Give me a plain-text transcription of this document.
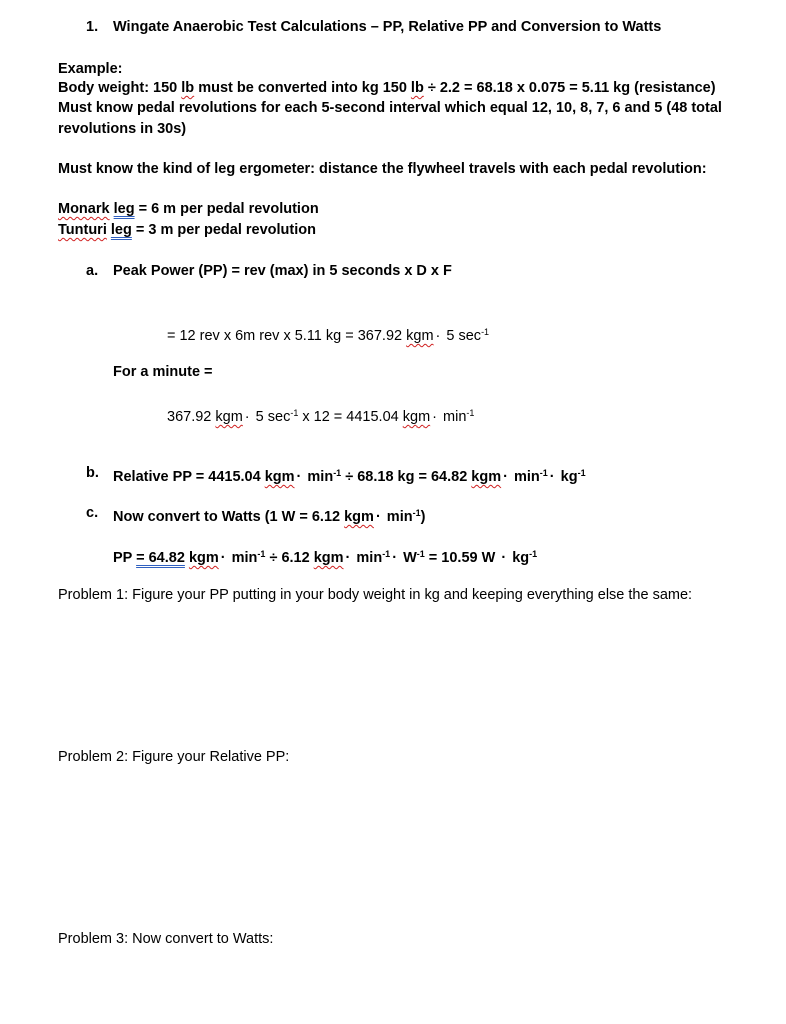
1. Wingate Anaerobic Test Calculations – PP, Relative PP and Conversion to Watts
Example:
Body weight: 150 lb must be converted into kg 150 lb ÷ 2.2 = 68.18 x 0.075 = 5.11 kg (resistance)
Must know pedal revolutions for each 5-second interval which equal 12, 10, 8, 7, 6 and 5 (48 total
revolutions in 30s)
Must know the kind of leg ergometer: distance the flywheel travels with each pedal revolution:
Monark leg = 6 m per pedal revolution
Tunturi leg = 3 m per pedal revolution
a. Peak Power (PP) = rev (max) in 5 seconds x D x F
= 12 rev x 6m rev x 5.11 kg = 367.92 kgm · 5 $\sec^{-1}$
For a minute =
367.92 kgm · 5 $\sec^{-1} x$ 12 = 4415.04 kgm · $\min^{-1}$
b. Relative PP = 4415.04 kgm · $\min^{-1} \div 68.18$ kg = 64.82 kgm · $\min^{-1} \cdot kg^{-1}$
c. Now convert to Watts (1 W = 6.12 kgm · $\min^{-1}$)
PP = 64.82 kgm · $\min^{-1} \div 6.12$ kgm · $\min^{-1} \cdot W^{-1} = 10.59$ $W \cdot kg^{-1}$
Problem 1: Figure your PP putting in your body weight in kg and keeping everything else the same:
Problem 2: Figure your Relative PP:
Problem 3: Now convert to Watts:
